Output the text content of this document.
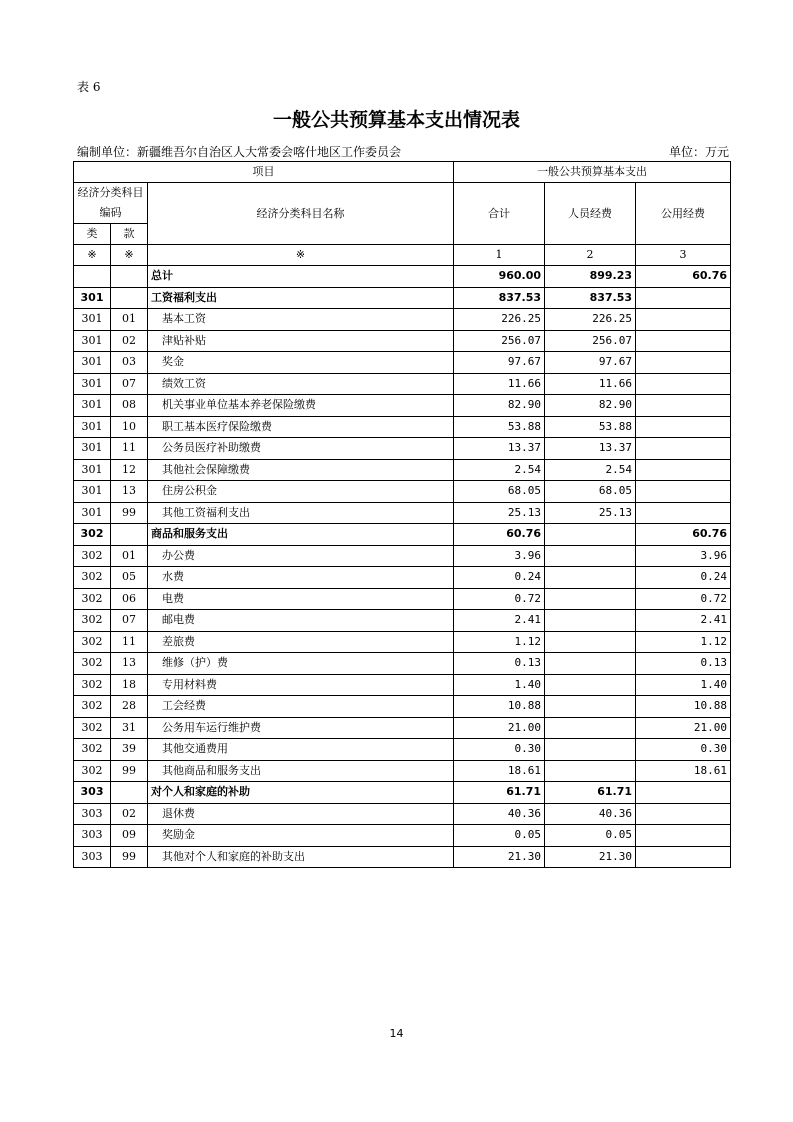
表 6
一般公共预算基本支出情况表
编制单位：新疆维吾尔自治区人大常委会喀什地区工作委员会	单位：万元
项目			一般公共预算基本支出		
经济分类科目编码		经济分类科目名称	合计	人员经费	公用经费
类	款				
※	※	※	1	2	3
		总计	960.00	899.23	60.76
301		工资福利支出	837.53	837.53	
301	01	基本工资	226.25	226.25	
301	02	津贴补贴	256.07	256.07	
301	03	奖金	97.67	97.67	
301	07	绩效工资	11.66	11.66	
301	08	机关事业单位基本养老保险缴费	82.90	82.90	
301	10	职工基本医疗保险缴费	53.88	53.88	
301	11	公务员医疗补助缴费	13.37	13.37	
301	12	其他社会保障缴费	2.54	2.54	
301	13	住房公积金	68.05	68.05	
301	99	其他工资福利支出	25.13	25.13	
302		商品和服务支出	60.76		60.76
302	01	办公费	3.96		3.96
302	05	水费	0.24		0.24
302	06	电费	0.72		0.72
302	07	邮电费	2.41		2.41
302	11	差旅费	1.12		1.12
302	13	维修（护）费	0.13		0.13
302	18	专用材料费	1.40		1.40
302	28	工会经费	10.88		10.88
302	31	公务用车运行维护费	21.00		21.00
302	39	其他交通费用	0.30		0.30
302	99	其他商品和服务支出	18.61		18.61
303		对个人和家庭的补助	61.71	61.71	
303	02	退休费	40.36	40.36	
303	09	奖励金	0.05	0.05	
303	99	其他对个人和家庭的补助支出	21.30	21.30	
14
